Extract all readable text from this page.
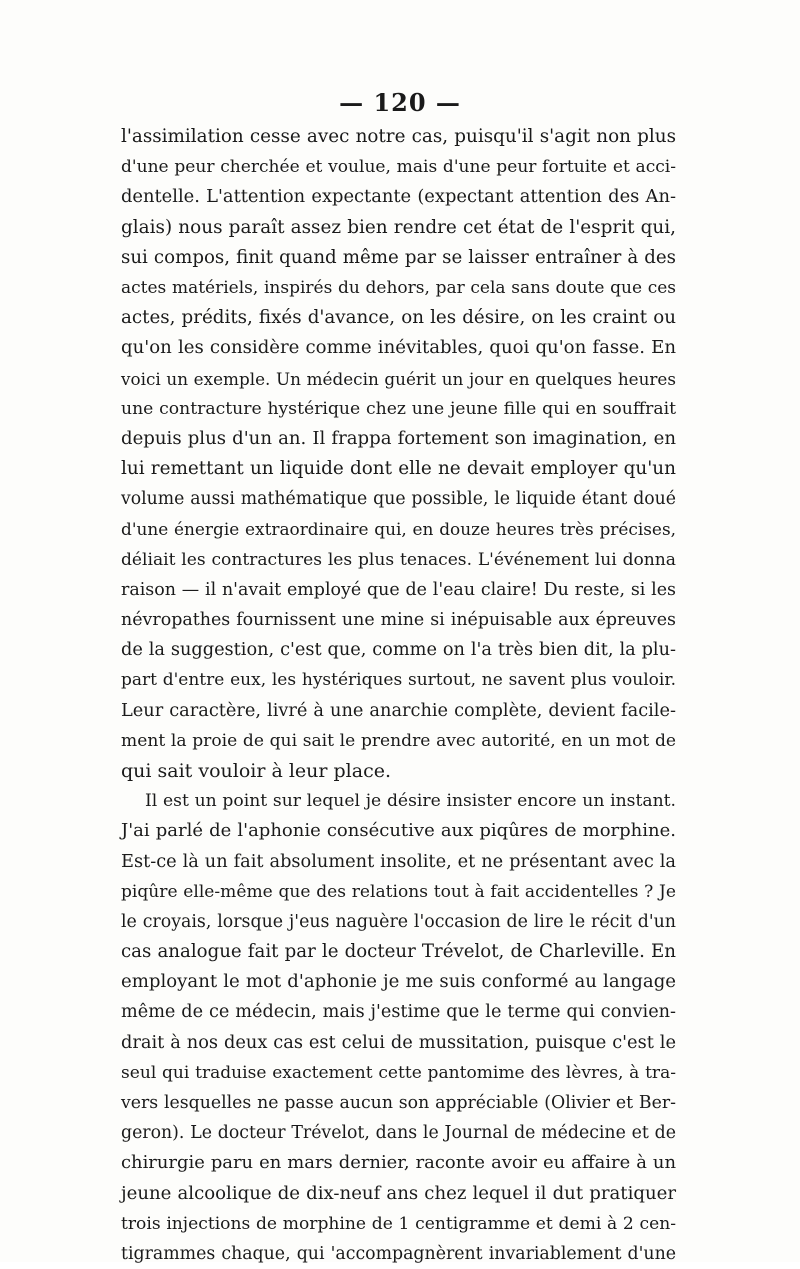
— 120 —
l'assimilation cesse avec notre cas, puisqu'il s'agit non plus
d'une peur cherchée et voulue, mais d'une peur fortuite et acci-
dentelle. L'attention expectante (expectant attention des An-
glais) nous paraît assez bien rendre cet état de l'esprit qui,
sui compos, finit quand même par se laisser entraîner à des
actes matériels, inspirés du dehors, par cela sans doute que ces
actes, prédits, fixés d'avance, on les désire, on les craint ou
qu'on les considère comme inévitables, quoi qu'on fasse. En
voici un exemple. Un médecin guérit un jour en quelques heures
une contracture hystérique chez une jeune fille qui en souffrait
depuis plus d'un an. Il frappa fortement son imagination, en
lui remettant un liquide dont elle ne devait employer qu'un
volume aussi mathématique que possible, le liquide étant doué
d'une énergie extraordinaire qui, en douze heures très précises,
déliait les contractures les plus tenaces. L'événement lui donna
raison — il n'avait employé que de l'eau claire! Du reste, si les
névropathes fournissent une mine si inépuisable aux épreuves
de la suggestion, c'est que, comme on l'a très bien dit, la plu-
part d'entre eux, les hystériques surtout, ne savent plus vouloir.
Leur caractère, livré à une anarchie complète, devient facile-
ment la proie de qui sait le prendre avec autorité, en un mot de
qui sait vouloir à leur place.
Il est un point sur lequel je désire insister encore un instant.
J'ai parlé de l'aphonie consécutive aux piqûres de morphine.
Est-ce là un fait absolument insolite, et ne présentant avec la
piqûre elle-même que des relations tout à fait accidentelles ? Je
le croyais, lorsque j'eus naguère l'occasion de lire le récit d'un
cas analogue fait par le docteur Trévelot, de Charleville. En
employant le mot d'aphonie je me suis conformé au langage
même de ce médecin, mais j'estime que le terme qui convien-
drait à nos deux cas est celui de mussitation, puisque c'est le
seul qui traduise exactement cette pantomime des lèvres, à tra-
vers lesquelles ne passe aucun son appréciable (Olivier et Ber-
geron). Le docteur Trévelot, dans le Journal de médecine et de
chirurgie paru en mars dernier, raconte avoir eu affaire à un
jeune alcoolique de dix-neuf ans chez lequel il dut pratiquer
trois injections de morphine de 1 centigramme et demi à 2 cen-
tigrammes chaque, qui 'accompagnèrent invariablement d'une
